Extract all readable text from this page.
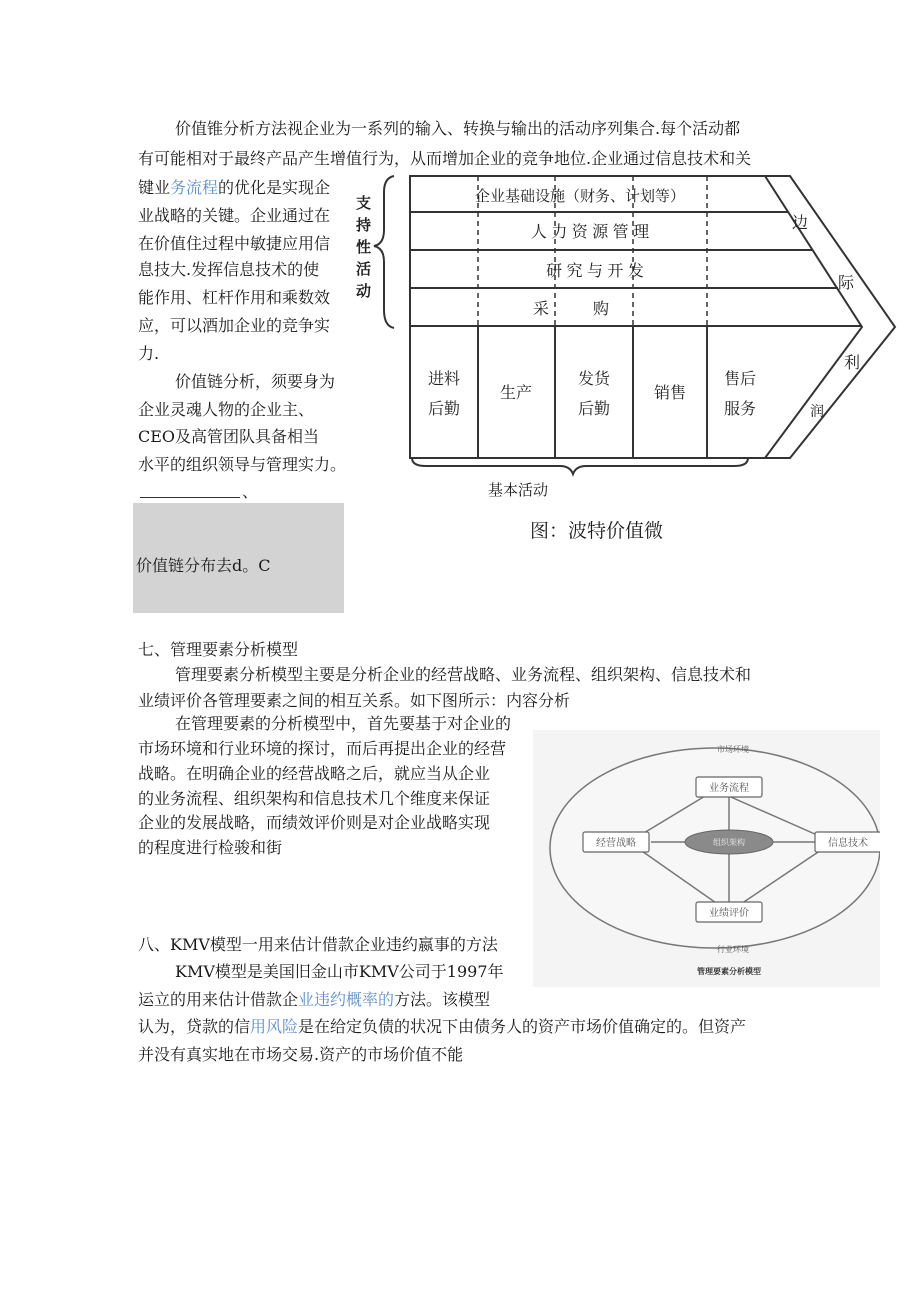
价值锥分析方法视企业为一系列的输入、转换与输出的活动序列集合.每个活动都
有可能相对于最终产品产生增值行为，从而增加企业的竞争地位.企业通过信息技术和关
键业务流程的优化是实现企
业战略的关键。企业通过在
在价值住过程中敏捷应用信
息技大.发挥信息技术的使
能作用、杠杆作用和乘数效
应，可以酒加企业的竞争实
力.
价值链分析，须要身为
企业灵魂人物的企业主、
CEO及高管团队具备相当
水平的组织领导与管理实力。
、
价值链分布去d。C
支持性活动
企业基础设施（财务、计划等）
人 力 资 源 管 理
研 究 与 开 发
采	购
进料
后勤
生产
发货
后勤
销售
售后
服务
边
际
利
润
基本活动
图：波特价值微
七、管理要素分析模型
管理要素分析模型主要是分析企业的经营战略、业务流程、组织架构、信息技术和
业绩评价各管理要素之间的相互关系。如下图所示：内容分析
在管理要素的分析模型中，首先要基于对企业的
市场环境和行业环境的探讨，而后再提出企业的经营
战略。在明确企业的经营战略之后，就应当从企业
的业务流程、组织架构和信息技术几个维度来保证
企业的发展战略，而绩效评价则是对企业战略实现
的程度进行检骏和街
市场环境
业务流程
经营战略	组织架构	信息技术
业绩评价
行业环境
管理要素分析模型
八、KMV模型一用来估计借款企业违约嬴事的方法
KMV模型是美国旧金山市KMV公司于1997年
运立的用来估计借款企业违约概率的方法。该模型
认为，贷款的信用风险是在给定负债的状况下由债务人的资产市场价值确定的。但资产
并没有真实地在市场交易.资产的市场价值不能
